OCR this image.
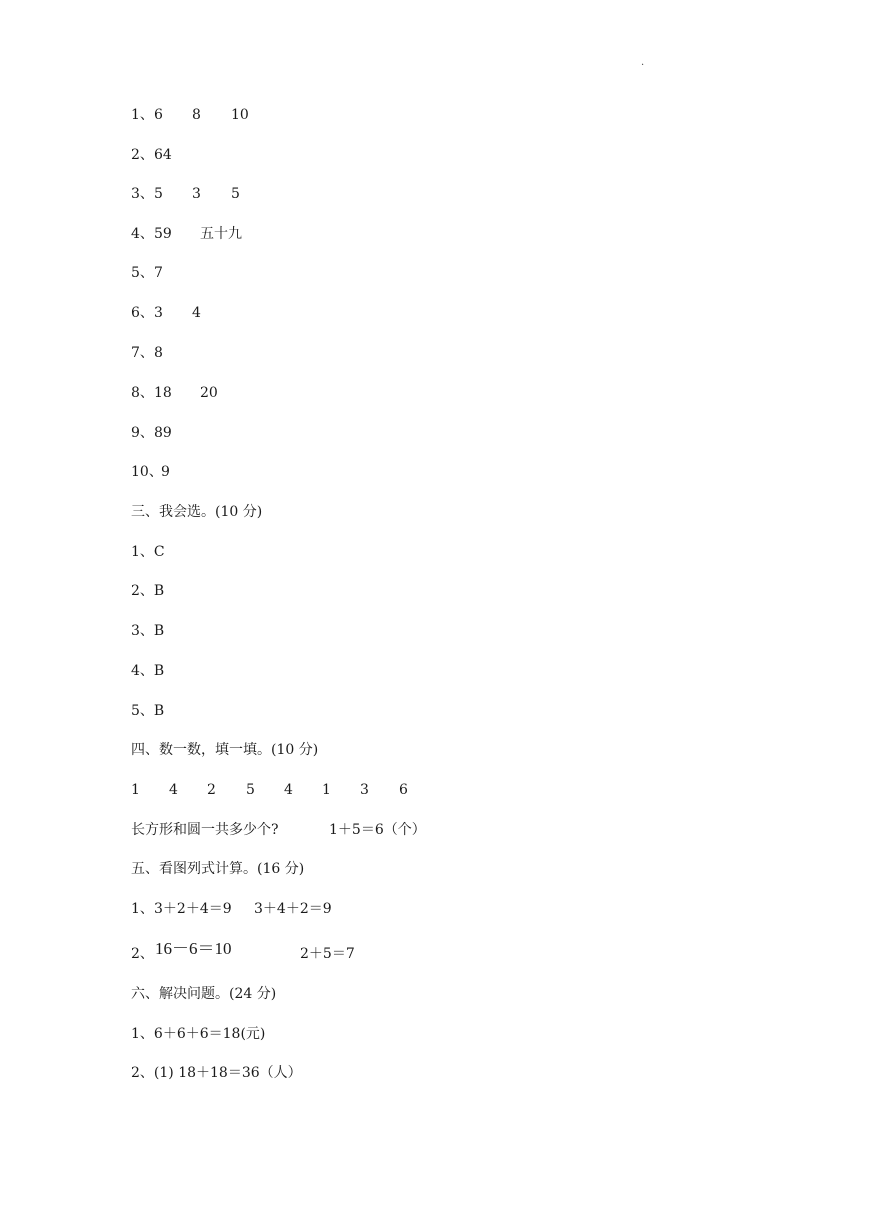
.
1、 6 8 10
2、 64
3、 5 3 5
4、 59 五十九
5、 7
6、 3 4
7、 8
8、 18 20
9、 89
10、
9
三、我会选。(10 分)
1、C
2、B
3、B
4、B
5、B
四、数一数，填一填。(10 分)
1 4 2 5 4 1 3 6
长方形和圆一共多少个?	1＋5＝6（个）
五、看图列式计算。(16 分)
1、 3＋2＋4＝9 3＋4＋2＝9
2、 16－6＝10	2＋5＝7
六、解决问题。(24 分)
1、6＋6＋6＝18(元)
2、(1) 18＋18＝36（人）
